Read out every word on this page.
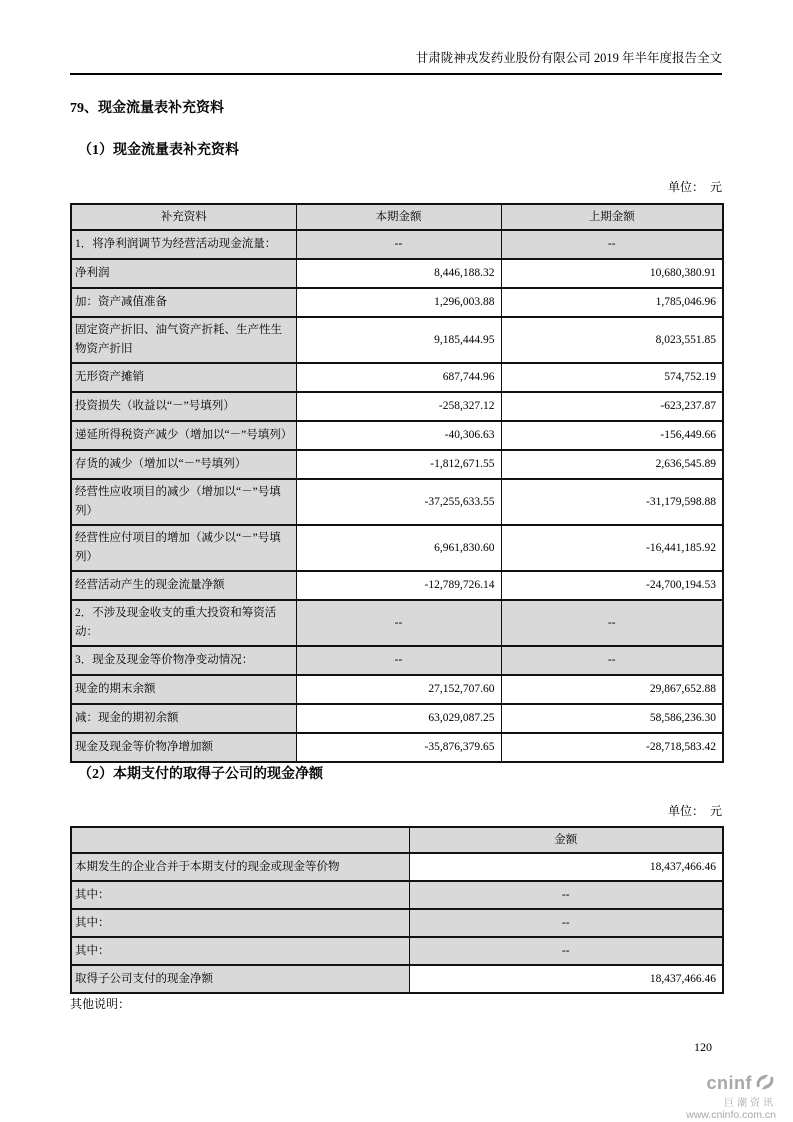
甘肃陇神戎发药业股份有限公司 2019 年半年度报告全文
79、现金流量表补充资料
（1）现金流量表补充资料
单位：  元
补充资料	本期金额	上期金额
1．将净利润调节为经营活动现金流量：	--	--
净利润	8,446,188.32	10,680,380.91
加：资产减值准备	1,296,003.88	1,785,046.96
固定资产折旧、油气资产折耗、生产性生物资产折旧	9,185,444.95	8,023,551.85
无形资产摊销	687,744.96	574,752.19
投资损失（收益以“－”号填列）	-258,327.12	-623,237.87
递延所得税资产减少（增加以“－”号填列）	-40,306.63	-156,449.66
存货的减少（增加以“－”号填列）	-1,812,671.55	2,636,545.89
经营性应收项目的减少（增加以“－”号填列）	-37,255,633.55	-31,179,598.88
经营性应付项目的增加（减少以“－”号填列）	6,961,830.60	-16,441,185.92
经营活动产生的现金流量净额	-12,789,726.14	-24,700,194.53
2．不涉及现金收支的重大投资和筹资活动：	--	--
3．现金及现金等价物净变动情况：	--	--
现金的期末余额	27,152,707.60	29,867,652.88
减：现金的期初余额	63,029,087.25	58,586,236.30
现金及现金等价物净增加额	-35,876,379.65	-28,718,583.42
（2）本期支付的取得子公司的现金净额
单位：  元
	金额
本期发生的企业合并于本期支付的现金或现金等价物	18,437,466.46
其中：	--
其中：	--
其中：	--
取得子公司支付的现金净额	18,437,466.46
其他说明：
120
cninf
巨潮资讯
www.cninfo.com.cn
